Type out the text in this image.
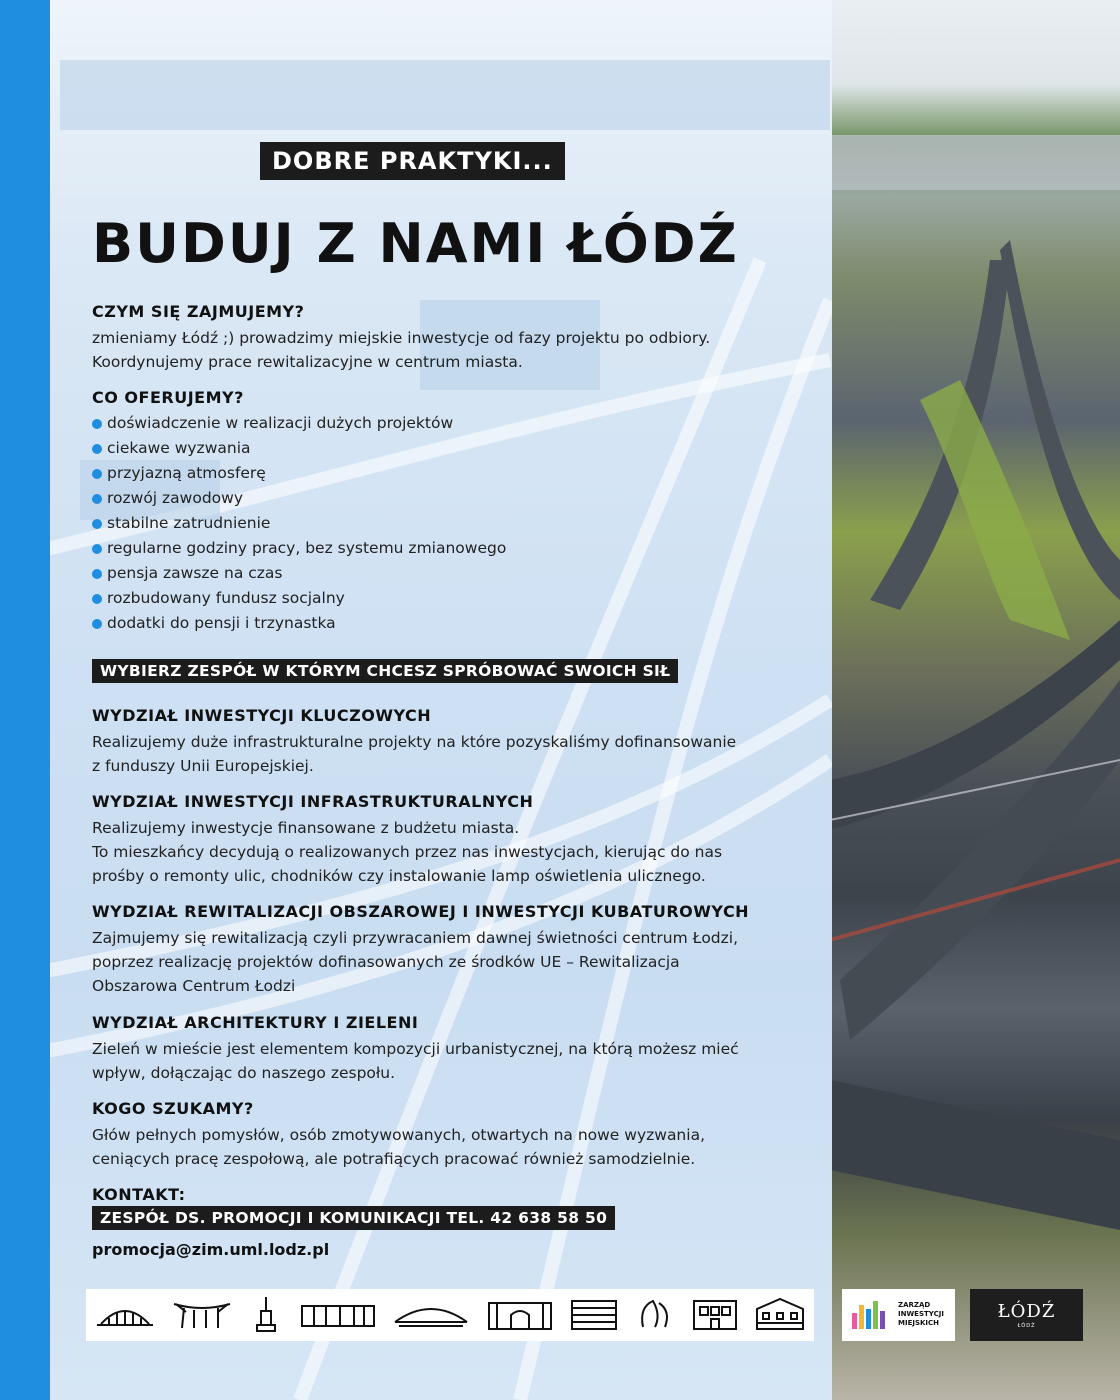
DOBRE PRAKTYKI...
BUDUJ Z NAMI ŁÓDŹ
CZYM SIĘ ZAJMUJEMY?
zmieniamy Łódź ;) prowadzimy miejskie inwestycje od fazy projektu po odbiory.
Koordynujemy prace rewitalizacyjne w centrum miasta.
CO OFERUJEMY?
doświadczenie w realizacji dużych projektów
ciekawe wyzwania
przyjazną atmosferę
rozwój zawodowy
stabilne zatrudnienie
regularne godziny pracy, bez systemu zmianowego
pensja zawsze na czas
rozbudowany fundusz socjalny
dodatki do pensji i trzynastka
WYBIERZ ZESPÓŁ W KTÓRYM CHCESZ SPRÓBOWAĆ SWOICH SIŁ
WYDZIAŁ INWESTYCJI KLUCZOWYCH
Realizujemy duże infrastrukturalne projekty na które pozyskaliśmy dofinansowanie
z funduszy Unii Europejskiej.
WYDZIAŁ INWESTYCJI INFRASTRUKTURALNYCH
Realizujemy inwestycje finansowane z budżetu miasta.
To mieszkańcy decydują o realizowanych przez nas inwestycjach, kierując do nas
prośby o remonty ulic, chodników czy instalowanie lamp oświetlenia ulicznego.
WYDZIAŁ REWITALIZACJI OBSZAROWEJ I INWESTYCJI KUBATUROWYCH
Zajmujemy się rewitalizacją czyli przywracaniem dawnej świetności centrum Łodzi,
poprzez realizację projektów dofinasowanych ze środków UE – Rewitalizacja
Obszarowa Centrum Łodzi
WYDZIAŁ ARCHITEKTURY I ZIELENI
Zieleń w mieście jest elementem kompozycji urbanistycznej, na którą możesz mieć
wpływ, dołączając do naszego zespołu.
KOGO SZUKAMY?
Głów pełnych pomysłów, osób zmotywowanych, otwartych na nowe wyzwania,
ceniących pracę zespołową, ale potrafiących pracować również samodzielnie.
KONTAKT:
ZESPÓŁ DS. PROMOCJI I KOMUNIKACJI TEL. 42 638 58 50
promocja@zim.uml.lodz.pl
ZARZĄD
INWESTYCJI
MIEJSKICH
ŁÓDŹ
ŁÓDŹ
